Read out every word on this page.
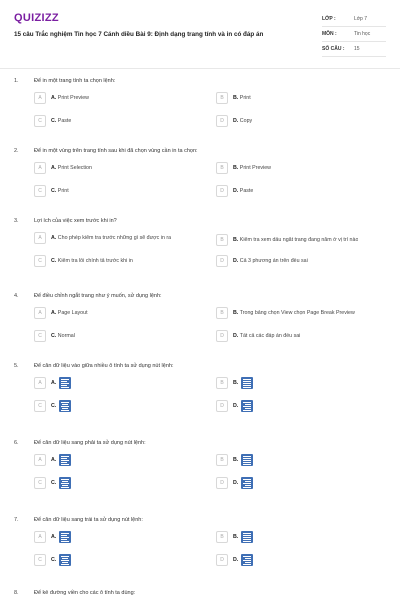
QUIZIZZ
15 câu Trắc nghiệm Tin học 7 Cánh diều Bài 9: Định dạng trang tính và in có đáp án
LỚP :	Lớp 7
MÔN :	Tin học
SỐ CÂU :	15
1.	Để in một trang tính ta chọn lệnh:
A	A. Print Preview	B	B. Print
C	C. Paste	D	D. Copy
2.	Để in một vùng trên trang tính sau khi đã chọn vùng cần in ta chọn:
A	A. Print Selection	B	B. Print Preview
C	C. Print	D	D. Paste
3.	Lợi ích của việc xem trước khi in?
A	A. Cho phép kiểm tra trước những gì sẽ được in ra	B	B. Kiểm tra xem dấu ngắt trang đang nằm ở vị trí nào
C	C. Kiểm tra lỗi chính tả trước khi in	D	D. Cả 3 phương án trên đều sai
4.	Để điều chỉnh ngắt trang như ý muốn, sử dụng lệnh:
A	A. Page Layout	B	B. Trong bảng chọn View chọn Page Break Preview
C	C. Normal	D	D. Tất cả các đáp án đều sai
5.	Để căn dữ liệu vào giữa nhiều ô tính ta sử dụng nút lệnh:
A	A.	B	B.
C	C.	D	D.
6.	Để căn dữ liệu sang phải ta sử dụng nút lệnh:
A	A.	B	B.
C	C.	D	D.
7.	Để căn dữ liệu sang trái ta sử dụng nút lệnh:
A	A.	B	B.
C	C.	D	D.
8.	Để kẻ đường viền cho các ô tính ta dùng:
